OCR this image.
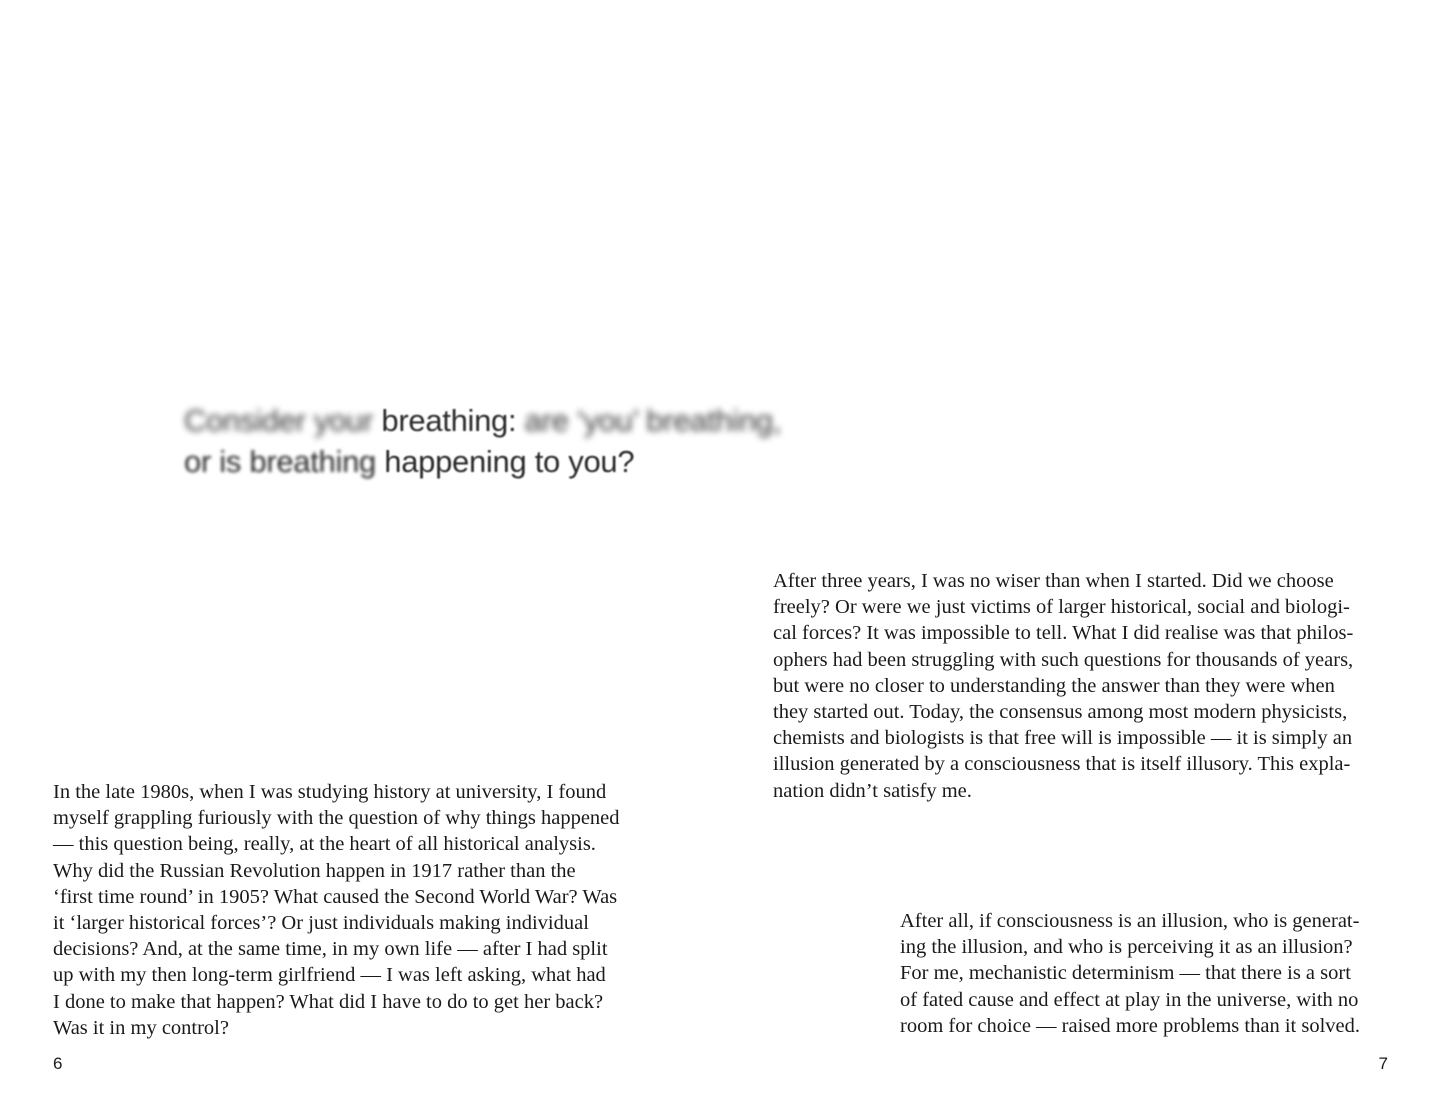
Consider your breathing: are ‘you’ breathing,
or is breathing happening to you?
After three years, I was no wiser than when I started. Did we choose
freely? Or were we just victims of larger historical, social and biologi-
cal forces? It was impossible to tell. What I did realise was that philos-
ophers had been struggling with such questions for thousands of years,
but were no closer to understanding the answer than they were when
they started out. Today, the consensus among most modern physicists,
chemists and biologists is that free will is impossible — it is simply an
illusion generated by a consciousness that is itself illusory. This expla-
nation didn’t satisfy me.
In the late 1980s, when I was studying history at university, I found
myself grappling furiously with the question of why things happened
— this question being, really, at the heart of all historical analysis.
Why did the Russian Revolution happen in 1917 rather than the
‘first time round’ in 1905? What caused the Second World War? Was
it ‘larger historical forces’? Or just individuals making individual
decisions? And, at the same time, in my own life — after I had split
up with my then long-term girlfriend — I was left asking, what had
I done to make that happen? What did I have to do to get her back?
Was it in my control?
After all, if consciousness is an illusion, who is generat-
ing the illusion, and who is perceiving it as an illusion?
For me, mechanistic determinism — that there is a sort
of fated cause and effect at play in the universe, with no
room for choice — raised more problems than it solved.
6	7
